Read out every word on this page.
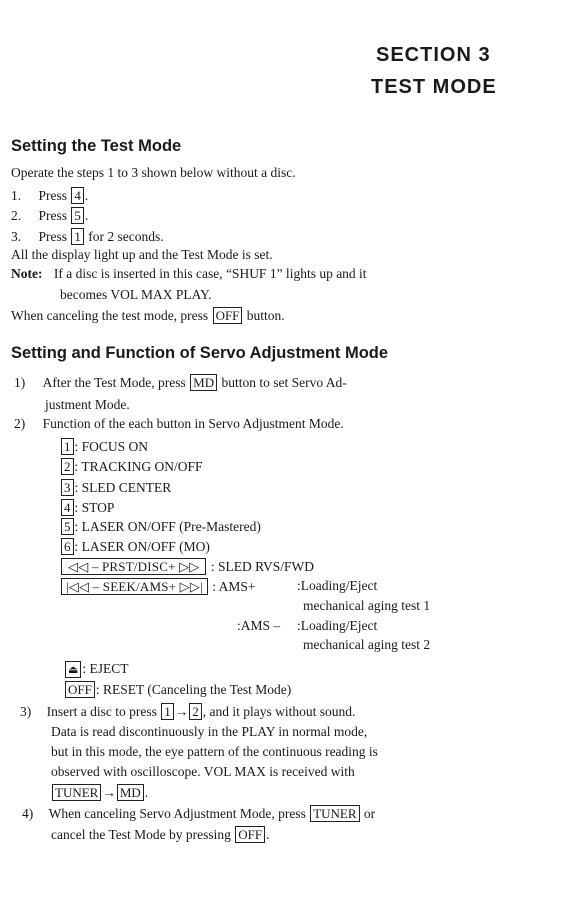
SECTION 3
TEST MODE
Setting the Test Mode
Operate the steps 1 to 3 shown below without a disc.
1. Press 4 .
2. Press 5 .
3. Press 1 for 2 seconds.
All the display light up and the Test Mode is set.
Note: If a disc is inserted in this case, “SHUF 1” lights up and it
becomes VOL MAX PLAY.
When canceling the test mode, press OFF button.
Setting and Function of Servo Adjustment Mode
1) After the Test Mode, press MD button to set Servo Ad-
justment Mode.
2) Function of the each button in Servo Adjustment Mode.
1 : FOCUS ON
2 : TRACKING ON/OFF
3 : SLED CENTER
4 : STOP
5 : LASER ON/OFF (Pre-Mastered)
6 : LASER ON/OFF (MO)
◁◁ – PRST/DISC+ ▷▷ : SLED RVS/FWD
|◁◁ – SEEK/AMS+ ▷▷| : AMS+	:Loading/Eject
mechanical aging test 1
:AMS – :Loading/Eject
mechanical aging test 2
⏏ : EJECT
OFF : RESET (Canceling the Test Mode)
3) Insert a disc to press 1 → 2 , and it plays without sound.
Data is read discontinuously in the PLAY in normal mode,
but in this mode, the eye pattern of the continuous reading is
observed with oscilloscope. VOL MAX is received with
TUNER → MD .
4) When canceling Servo Adjustment Mode, press TUNER or
cancel the Test Mode by pressing OFF .
